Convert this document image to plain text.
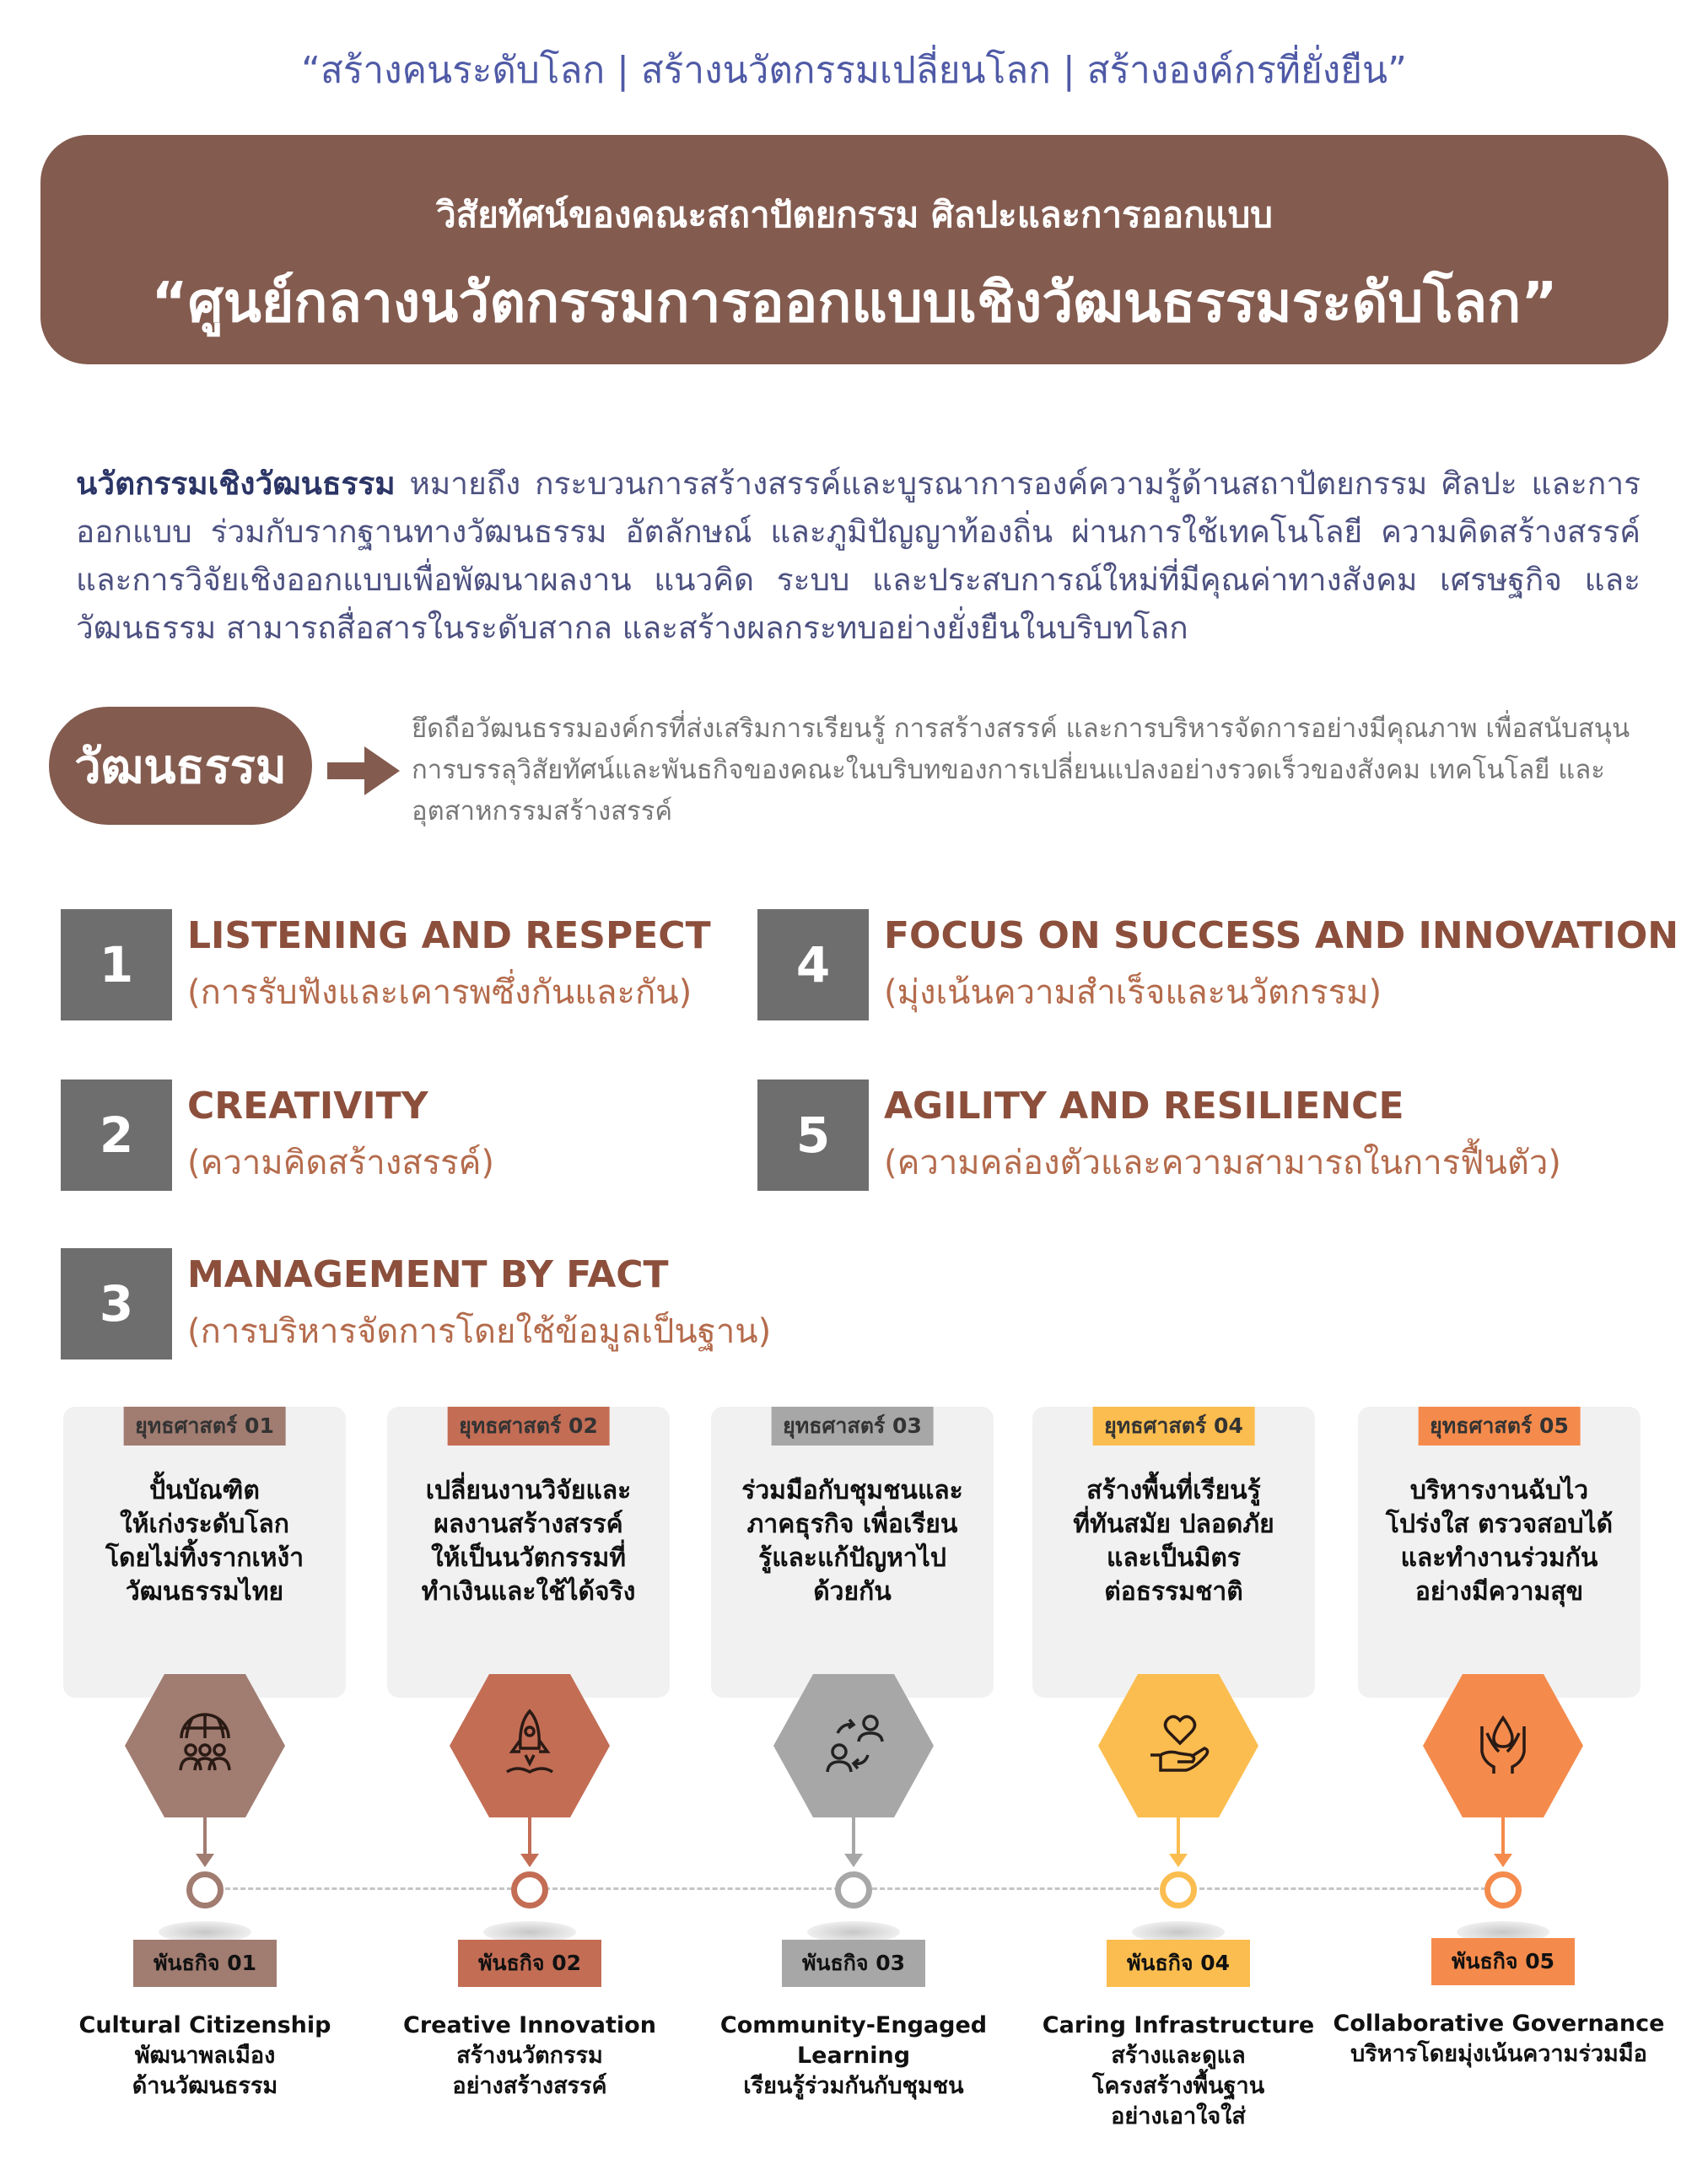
“สร้างคนระดับโลก | สร้างนวัตกรรมเปลี่ยนโลก | สร้างองค์กรที่ยั่งยืน”
วิสัยทัศน์ของคณะสถาปัตยกรรม ศิลปะและการออกแบบ
“ศูนย์กลางนวัตกรรมการออกแบบเชิงวัฒนธรรมระดับโลก”
นวัตกรรมเชิงวัฒนธรรม หมายถึง กระบวนการสร้างสรรค์และบูรณาการองค์ความรู้ด้านสถาปัตยกรรม ศิลปะ และการออกแบบ ร่วมกับรากฐานทางวัฒนธรรม อัตลักษณ์ และภูมิปัญญาท้องถิ่น ผ่านการใช้เทคโนโลยี ความคิดสร้างสรรค์ และการวิจัยเชิงออกแบบเพื่อพัฒนาผลงาน แนวคิด ระบบ และประสบการณ์ใหม่ที่มีคุณค่าทางสังคม เศรษฐกิจ และวัฒนธรรม สามารถสื่อสารในระดับสากล และสร้างผลกระทบอย่างยั่งยืนในบริบทโลก
วัฒนธรรม
ยึดถือวัฒนธรรมองค์กรที่ส่งเสริมการเรียนรู้ การสร้างสรรค์ และการบริหารจัดการอย่างมีคุณภาพ เพื่อสนับสนุนการบรรลุวิสัยทัศน์และพันธกิจของคณะในบริบทของการเปลี่ยนแปลงอย่างรวดเร็วของสังคม เทคโนโลยี และอุตสาหกรรมสร้างสรรค์
1
LISTENING AND RESPECT
(การรับฟังและเคารพซึ่งกันและกัน)
2
CREATIVITY
(ความคิดสร้างสรรค์)
3
MANAGEMENT BY FACT
(การบริหารจัดการโดยใช้ข้อมูลเป็นฐาน)
4
FOCUS ON SUCCESS AND INNOVATION
(มุ่งเน้นความสำเร็จและนวัตกรรม)
5
AGILITY AND RESILIENCE
(ความคล่องตัวและความสามารถในการฟื้นตัว)
ยุทธศาสตร์ 01
ปั้นบัณฑิต
ให้เก่งระดับโลก
โดยไม่ทิ้งรากเหง้า
วัฒนธรรมไทย
ยุทธศาสตร์ 02
เปลี่ยนงานวิจัยและ
ผลงานสร้างสรรค์
ให้เป็นนวัตกรรมที่
ทำเงินและใช้ได้จริง
ยุทธศาสตร์ 03
ร่วมมือกับชุมชนและ
ภาคธุรกิจ เพื่อเรียน
รู้และแก้ปัญหาไป
ด้วยกัน
ยุทธศาสตร์ 04
สร้างพื้นที่เรียนรู้
ที่ทันสมัย ปลอดภัย
และเป็นมิตร
ต่อธรรมชาติ
ยุทธศาสตร์ 05
บริหารงานฉับไว
โปร่งใส ตรวจสอบได้
และทำงานร่วมกัน
อย่างมีความสุข
พันธกิจ 01	พันธกิจ 02	พันธกิจ 03	พันธกิจ 04	พันธกิจ 05
Cultural Citizenship
พัฒนาพลเมือง
ด้านวัฒนธรรม
Creative Innovation
สร้างนวัตกรรม
อย่างสร้างสรรค์
Community-Engaged
Learning
เรียนรู้ร่วมกันกับชุมชน
Caring Infrastructure
สร้างและดูแล
โครงสร้างพื้นฐาน
อย่างเอาใจใส่
Collaborative Governance
บริหารโดยมุ่งเน้นความร่วมมือ
